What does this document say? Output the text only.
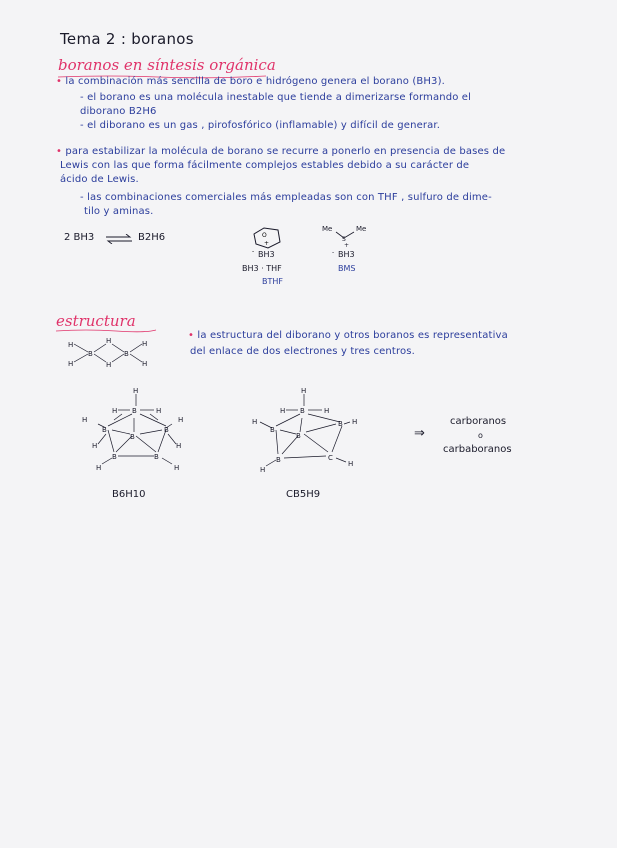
Tema 2 : boranos
boranos en síntesis orgánica
• la combinación más sencilla de boro e hidrógeno genera el borano (BH3).
- el borano es una molécula inestable que tiende a dimerizarse formando el
diborano B2H6
- el diborano es un gas , pirofosfórico (inflamable) y difícil de generar.
• para estabilizar la molécula de borano se recurre a ponerlo en presencia de bases de
Lewis con las que forma fácilmente complejos estables debido a su carácter de
ácido de Lewis.
- las combinaciones comerciales más empleadas son con THF , sulfuro de dime-
tilo y aminas.
2 BH3 ⇌ B2H6	O
+
- BH3
BH3 · THF
BTHF
Me	Me
S
+
- BH3
BMS
estructura
• la estructura del diborano y otros boranos es representativa
del enlace de dos electrones y tres centros.
H
H
B
H
H
B
H
H
H
H B	H
H	H
B	B
B
H	H
B	B
H	H
B6H10
H
H B	H
H	H
B
B
B
B	C
H
H
CB5H9
⇒
carboranos
o
carbaboranos
